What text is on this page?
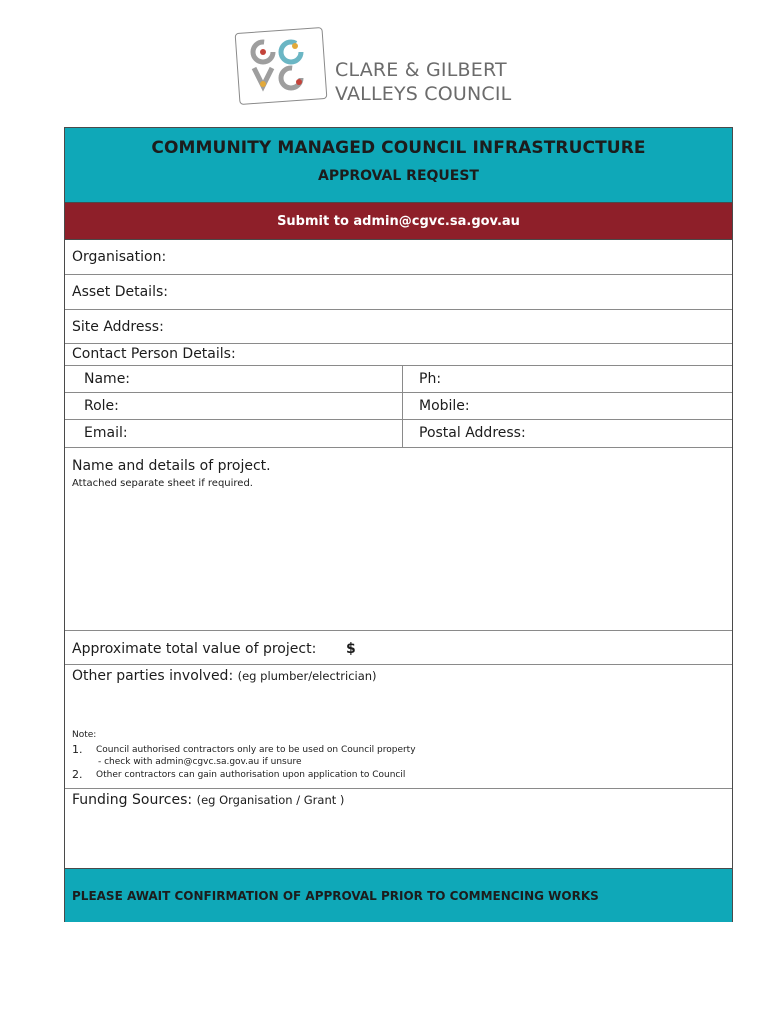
CLARE & GILBERT
VALLEYS COUNCIL
COMMUNITY MANAGED COUNCIL INFRASTRUCTURE
APPROVAL REQUEST
Submit to admin@cgvc.sa.gov.au
Organisation:
Asset Details:
Site Address:
Contact Person Details:
Name:	Ph:
Role:	Mobile:
Email:	Postal Address:
Name and details of project.
Attached separate sheet if required.
Approximate total value of project: $
Other parties involved: (eg plumber/electrician)
Note:
1. Council authorised contractors only are to be used on Council property
- check with admin@cgvc.sa.gov.au if unsure
2. Other contractors can gain authorisation upon application to Council
Funding Sources: (eg Organisation / Grant )
PLEASE AWAIT CONFIRMATION OF APPROVAL PRIOR TO COMMENCING WORKS
